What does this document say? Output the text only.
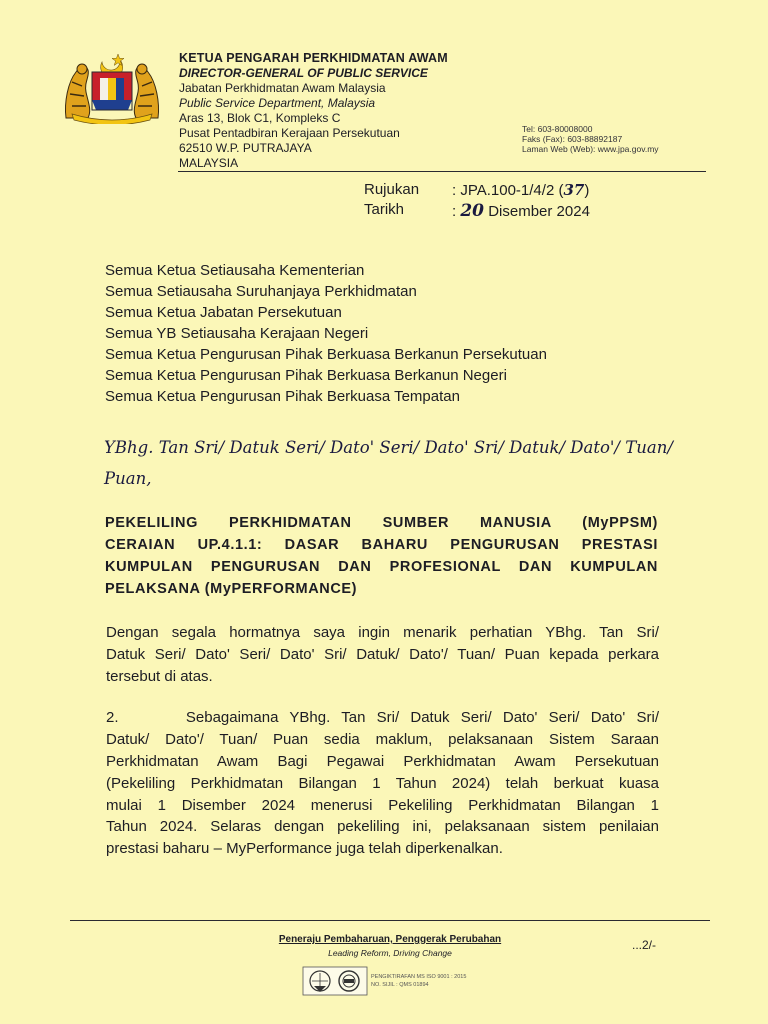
KETUA PENGARAH PERKHIDMATAN AWAM
DIRECTOR-GENERAL OF PUBLIC SERVICE
Jabatan Perkhidmatan Awam Malaysia
Public Service Department, Malaysia
Aras 13, Blok C1, Kompleks C
Pusat Pentadbiran Kerajaan Persekutuan
62510 W.P. PUTRAJAYA
MALAYSIA
Tel: 603-80008000
Faks (Fax): 603-88892187
Laman Web (Web): www.jpa.gov.my
Rujukan : JPA.100-1/4/2 (37)
Tarikh	: 20 Disember 2024
Semua Ketua Setiausaha Kementerian
Semua Setiausaha Suruhanjaya Perkhidmatan
Semua Ketua Jabatan Persekutuan
Semua YB Setiausaha Kerajaan Negeri
Semua Ketua Pengurusan Pihak Berkuasa Berkanun Persekutuan
Semua Ketua Pengurusan Pihak Berkuasa Berkanun Negeri
Semua Ketua Pengurusan Pihak Berkuasa Tempatan
YBhg. Tan Sri/ Datuk Seri/ Dato' Seri/ Dato' Sri/ Datuk/ Dato'/ Tuan/
Puan,
PEKELILING PERKHIDMATAN SUMBER MANUSIA (MyPPSM)
CERAIAN UP.4.1.1: DASAR BAHARU PENGURUSAN PRESTASI
KUMPULAN PENGURUSAN DAN PROFESIONAL DAN KUMPULAN
PELAKSANA (MyPERFORMANCE)
Dengan segala hormatnya saya ingin menarik perhatian YBhg. Tan Sri/
Datuk Seri/ Dato' Seri/ Dato' Sri/ Datuk/ Dato'/ Tuan/ Puan kepada perkara
tersebut di atas.
2.      Sebagaimana YBhg. Tan Sri/ Datuk Seri/ Dato' Seri/ Dato' Sri/
Datuk/ Dato'/ Tuan/ Puan sedia maklum, pelaksanaan Sistem Saraan
Perkhidmatan Awam Bagi Pegawai Perkhidmatan Awam Persekutuan
(Pekeliling Perkhidmatan Bilangan 1 Tahun 2024) telah berkuat kuasa
mulai 1 Disember 2024 menerusi Pekeliling Perkhidmatan Bilangan 1
Tahun 2024. Selaras dengan pekeliling ini, pelaksanaan sistem penilaian
prestasi baharu – MyPerformance juga telah diperkenalkan.
Peneraju Pembaharuan, Penggerak Perubahan
Leading Reform, Driving Change
...2/-
PENGIKTIRAFAN MS ISO 9001 : 2015
NO. SIJIL : QMS 01894
